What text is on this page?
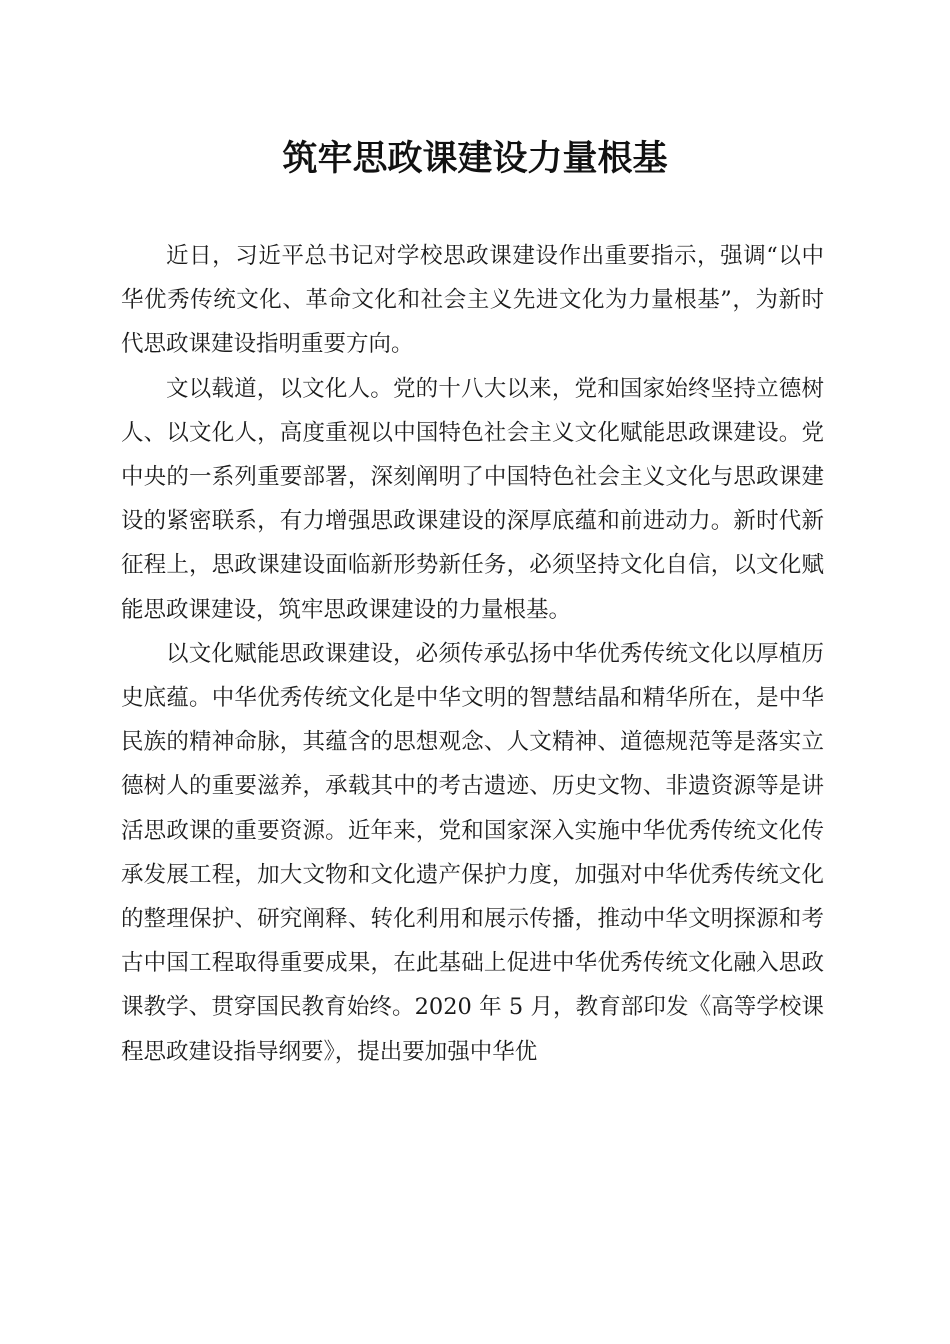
筑牢思政课建设力量根基

近日，习近平总书记对学校思政课建设作出重要指示，强调“以中华优秀传统文化、革命文化和社会主义先进文化为力量根基”，为新时代思政课建设指明重要方向。

文以载道，以文化人。党的十八大以来，党和国家始终坚持立德树人、以文化人，高度重视以中国特色社会主义文化赋能思政课建设。党中央的一系列重要部署，深刻阐明了中国特色社会主义文化与思政课建设的紧密联系，有力增强思政课建设的深厚底蕴和前进动力。新时代新征程上，思政课建设面临新形势新任务，必须坚持文化自信，以文化赋能思政课建设，筑牢思政课建设的力量根基。

以文化赋能思政课建设，必须传承弘扬中华优秀传统文化以厚植历史底蕴。中华优秀传统文化是中华文明的智慧结晶和精华所在，是中华民族的精神命脉，其蕴含的思想观念、人文精神、道德规范等是落实立德树人的重要滋养，承载其中的考古遗迹、历史文物、非遗资源等是讲活思政课的重要资源。近年来，党和国家深入实施中华优秀传统文化传承发展工程，加大文物和文化遗产保护力度，加强对中华优秀传统文化的整理保护、研究阐释、转化利用和展示传播，推动中华文明探源和考古中国工程取得重要成果，在此基础上促进中华优秀传统文化融入思政课教学、贯穿国民教育始终。2020 年 5 月，教育部印发《高等学校课程思政建设指导纲要》，提出要加强中华优
